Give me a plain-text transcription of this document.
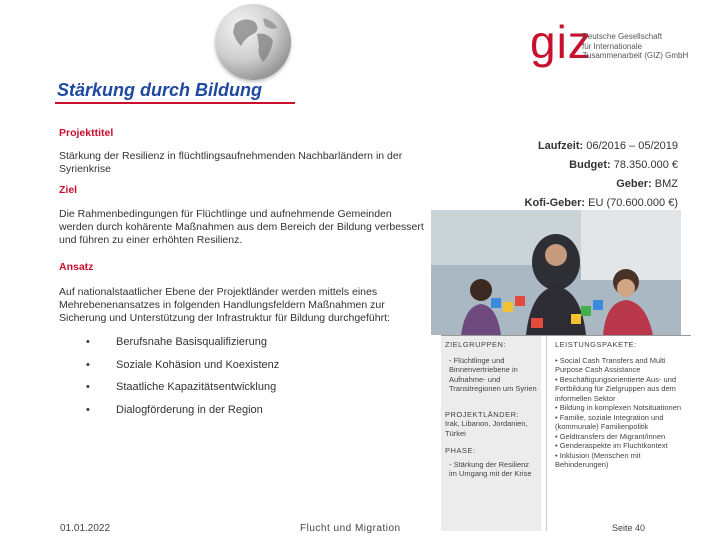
giz
Deutsche Gesellschaft
für Internationale
Zusammenarbeit (GIZ) GmbH
Stärkung durch Bildung
Projekttitel
Stärkung der Resilienz in flüchtlingsaufnehmenden Nachbarländern in der Syrienkrise
Ziel
Die Rahmenbedingungen für Flüchtlinge und aufnehmende Gemeinden werden durch kohärente Maßnahmen aus dem Bereich der Bildung verbessert und führen zu einer erhöhten Resilienz.
Ansatz
Auf nationalstaatlicher Ebene der Projektländer werden mittels eines Mehrebenenansatzes in folgenden Handlungsfeldern Maßnahmen zur Sicherung und Unterstützung der Infrastruktur für Bildung durchgeführt:
Laufzeit: 06/2016 – 05/2019
Budget: 78.350.000 €
Geber: BMZ
Kofi-Geber: EU (70.600.000 €)
• Berufsnahe Basisqualifizierung
• Soziale Kohäsion und Koexistenz
• Staatliche Kapazitätsentwicklung
• Dialogförderung in der Region
ZIELGRUPPEN:
- Flüchtlinge und Binnenvertriebene in Aufnahme- und Transitregionen um Syrien
PROJEKTLÄNDER:
Irak, Libanon, Jordanien, Türkei
PHASE:
- Stärkung der Resilienz im Umgang mit der Krise
LEISTUNGSPAKETE:
• Social Cash Transfers and Multi Purpose Cash Assistance
• Beschäftigungsorientierte Aus- und Fortbildung für Zielgruppen aus dem informellen Sektor
• Bildung in komplexen Notsituationen
• Familie, soziale Integration und (kommunale) Familienpolitik
• Geldtransfers der Migrant/innen
• Genderaspekte im Fluchtkontext
• Inklusion (Menschen mit Behinderungen)
01.01.2022	Flucht und Migration	Seite 40
